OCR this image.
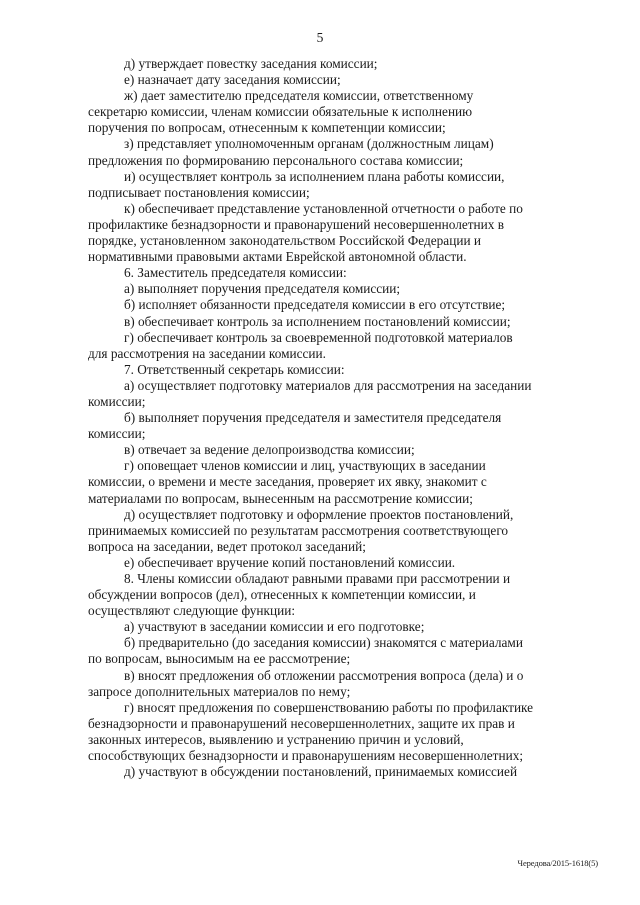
5

д) утверждает повестку заседания комиссии;

е) назначает дату заседания комиссии;

ж) дает заместителю председателя комиссии, ответственному
секретарю комиссии, членам комиссии обязательные к исполнению
поручения по вопросам, отнесенным к компетенции комиссии;

з) представляет уполномоченным органам (должностным лицам)
предложения по формированию персонального состава комиссии;

и) осуществляет контроль за исполнением плана работы комиссии,
подписывает постановления комиссии;

к) обеспечивает представление установленной отчетности о работе по
профилактике безнадзорности и правонарушений несовершеннолетних в
порядке, установленном законодательством Российской Федерации и
нормативными правовыми актами Еврейской автономной области.

6. Заместитель председателя комиссии:

а) выполняет поручения председателя комиссии;

б) исполняет обязанности председателя комиссии в его отсутствие;

в) обеспечивает контроль за исполнением постановлений комиссии;

г) обеспечивает контроль за своевременной подготовкой материалов
для рассмотрения на заседании комиссии.

7. Ответственный секретарь комиссии:

а) осуществляет подготовку материалов для рассмотрения на заседании
комиссии;

б) выполняет поручения председателя и заместителя председателя
комиссии;

в) отвечает за ведение делопроизводства комиссии;

г) оповещает членов комиссии и лиц, участвующих в заседании
комиссии, о времени и месте заседания, проверяет их явку, знакомит с
материалами по вопросам, вынесенным на рассмотрение комиссии;

д) осуществляет подготовку и оформление проектов постановлений,
принимаемых комиссией по результатам рассмотрения соответствующего
вопроса на заседании, ведет протокол заседаний;

е) обеспечивает вручение копий постановлений комиссии.

8. Члены комиссии обладают равными правами при рассмотрении и
обсуждении вопросов (дел), отнесенных к компетенции комиссии, и
осуществляют следующие функции:

а) участвуют в заседании комиссии и его подготовке;

б) предварительно (до заседания комиссии) знакомятся с материалами
по вопросам, выносимым на ее рассмотрение;

в) вносят предложения об отложении рассмотрения вопроса (дела) и о
запросе дополнительных материалов по нему;

г) вносят предложения по совершенствованию работы по профилактике
безнадзорности и правонарушений несовершеннолетних, защите их прав и
законных интересов, выявлению и устранению причин и условий,
способствующих безнадзорности и правонарушениям несовершеннолетних;

д) участвуют в обсуждении постановлений, принимаемых комиссией

Чередова/2015-1618(5)
